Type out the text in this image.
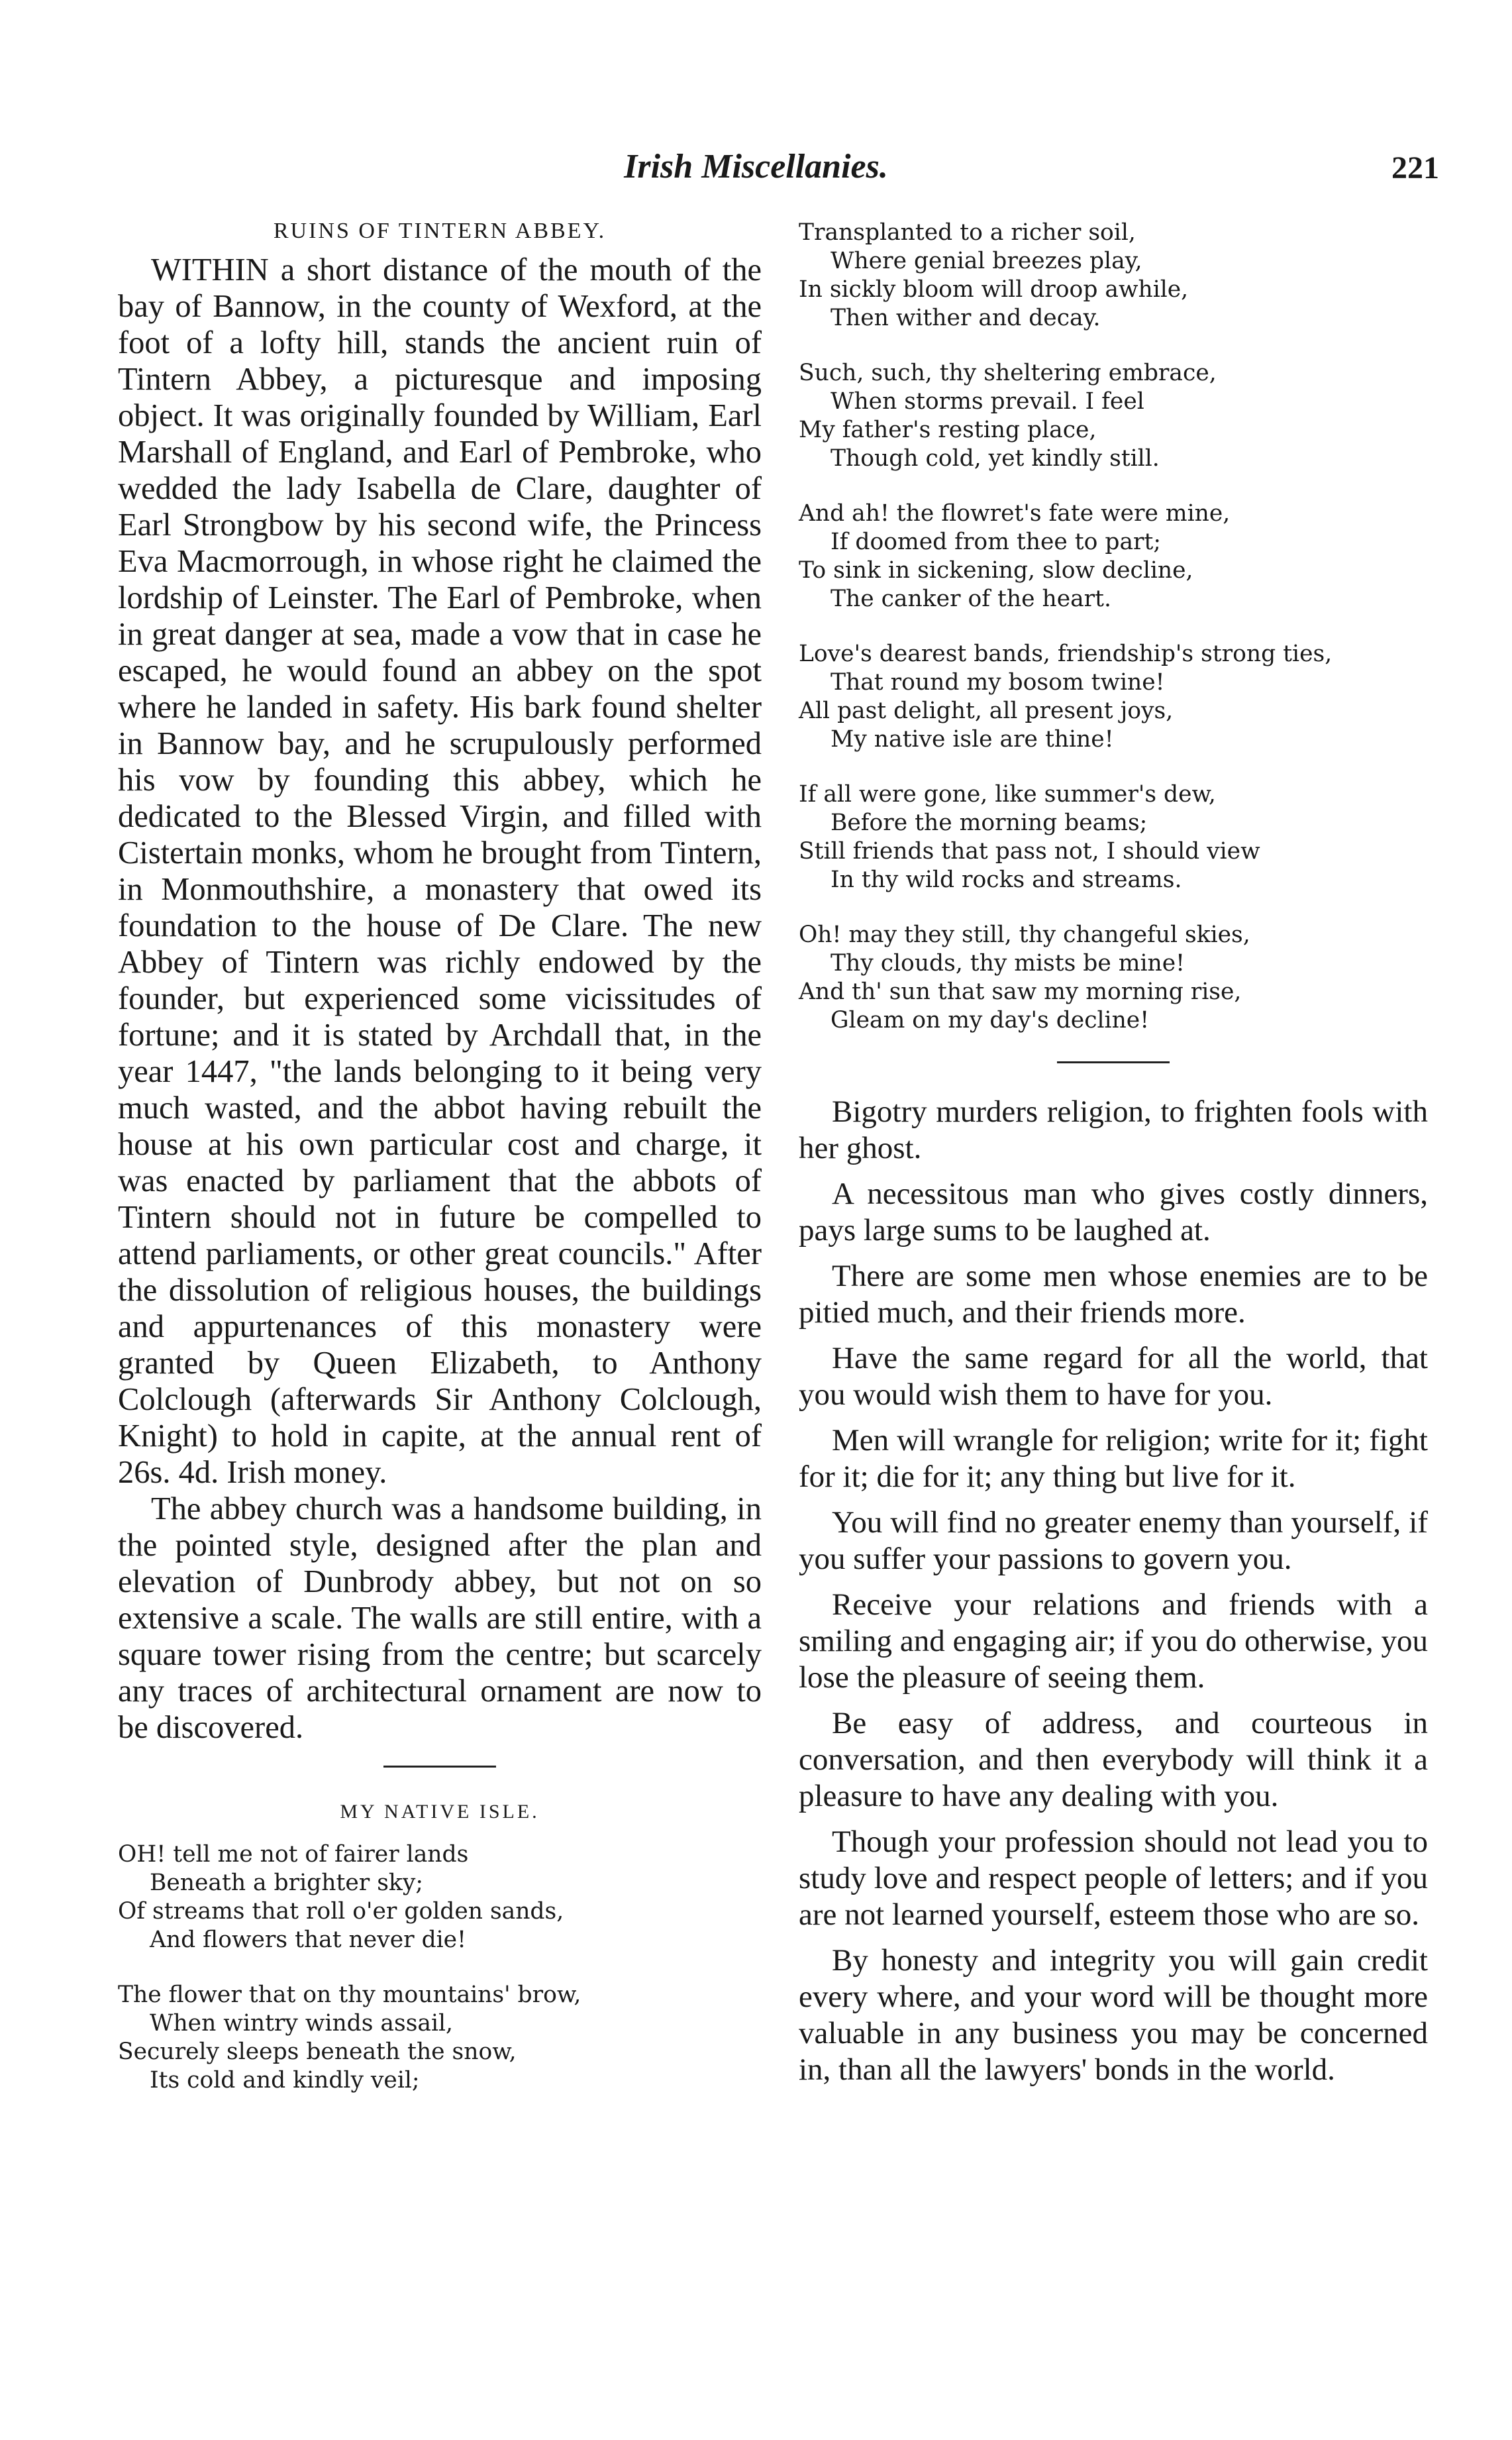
Irish Miscellanies.	221
RUINS OF TINTERN ABBEY.

WITHIN a short distance of the mouth of the bay of Bannow, in the county of Wexford, at the foot of a lofty hill, stands the ancient ruin of Tintern Abbey, a picturesque and imposing object. It was originally founded by William, Earl Marshall of England, and Earl of Pembroke, who wedded the lady Isabella de Clare, daughter of Earl Strongbow by his second wife, the Princess Eva Macmorrough, in whose right he claimed the lordship of Leinster. The Earl of Pembroke, when in great danger at sea, made a vow that in case he escaped, he would found an abbey on the spot where he landed in safety. His bark found shelter in Bannow bay, and he scrupulously performed his vow by founding this abbey, which he dedicated to the Blessed Virgin, and filled with Cistertain monks, whom he brought from Tintern, in Monmouthshire, a monastery that owed its foundation to the house of De Clare. The new Abbey of Tintern was richly endowed by the founder, but experienced some vicissitudes of fortune; and it is stated by Archdall that, in the year 1447, "the lands belonging to it being very much wasted, and the abbot having rebuilt the house at his own particular cost and charge, it was enacted by parliament that the abbots of Tintern should not in future be compelled to attend parliaments, or other great councils." After the dissolution of religious houses, the buildings and appurtenances of this monastery were granted by Queen Elizabeth, to Anthony Colclough (afterwards Sir Anthony Colclough, Knight) to hold in capite, at the annual rent of 26s. 4d. Irish money.

The abbey church was a handsome building, in the pointed style, designed after the plan and elevation of Dunbrody abbey, but not on so extensive a scale. The walls are still entire, with a square tower rising from the centre; but scarcely any traces of architectural ornament are now to be discovered.

MY NATIVE ISLE.
OH! tell me not of fairer lands
Beneath a brighter sky;
Of streams that roll o'er golden sands,
And flowers that never die!
The flower that on thy mountains' brow,
When wintry winds assail,
Securely sleeps beneath the snow,
Its cold and kindly veil;
Transplanted to a richer soil,
Where genial breezes play,
In sickly bloom will droop awhile,
Then wither and decay.
Such, such, thy sheltering embrace,
When storms prevail. I feel
My father's resting place,
Though cold, yet kindly still.
And ah! the flowret's fate were mine,
If doomed from thee to part;
To sink in sickening, slow decline,
The canker of the heart.
Love's dearest bands, friendship's strong ties,
That round my bosom twine!
All past delight, all present joys,
My native isle are thine!
If all were gone, like summer's dew,
Before the morning beams;
Still friends that pass not, I should view
In thy wild rocks and streams.
Oh! may they still, thy changeful skies,
Thy clouds, thy mists be mine!
And th' sun that saw my morning rise,
Gleam on my day's decline!

Bigotry murders religion, to frighten fools with her ghost.

A necessitous man who gives costly dinners, pays large sums to be laughed at.

There are some men whose enemies are to be pitied much, and their friends more.

Have the same regard for all the world, that you would wish them to have for you.

Men will wrangle for religion; write for it; fight for it; die for it; any thing but live for it.

You will find no greater enemy than yourself, if you suffer your passions to govern you.

Receive your relations and friends with a smiling and engaging air; if you do otherwise, you lose the pleasure of seeing them.

Be easy of address, and courteous in conversation, and then everybody will think it a pleasure to have any dealing with you.

Though your profession should not lead you to study love and respect people of letters; and if you are not learned yourself, esteem those who are so.

By honesty and integrity you will gain credit every where, and your word will be thought more valuable in any business you may be concerned in, than all the lawyers' bonds in the world.
